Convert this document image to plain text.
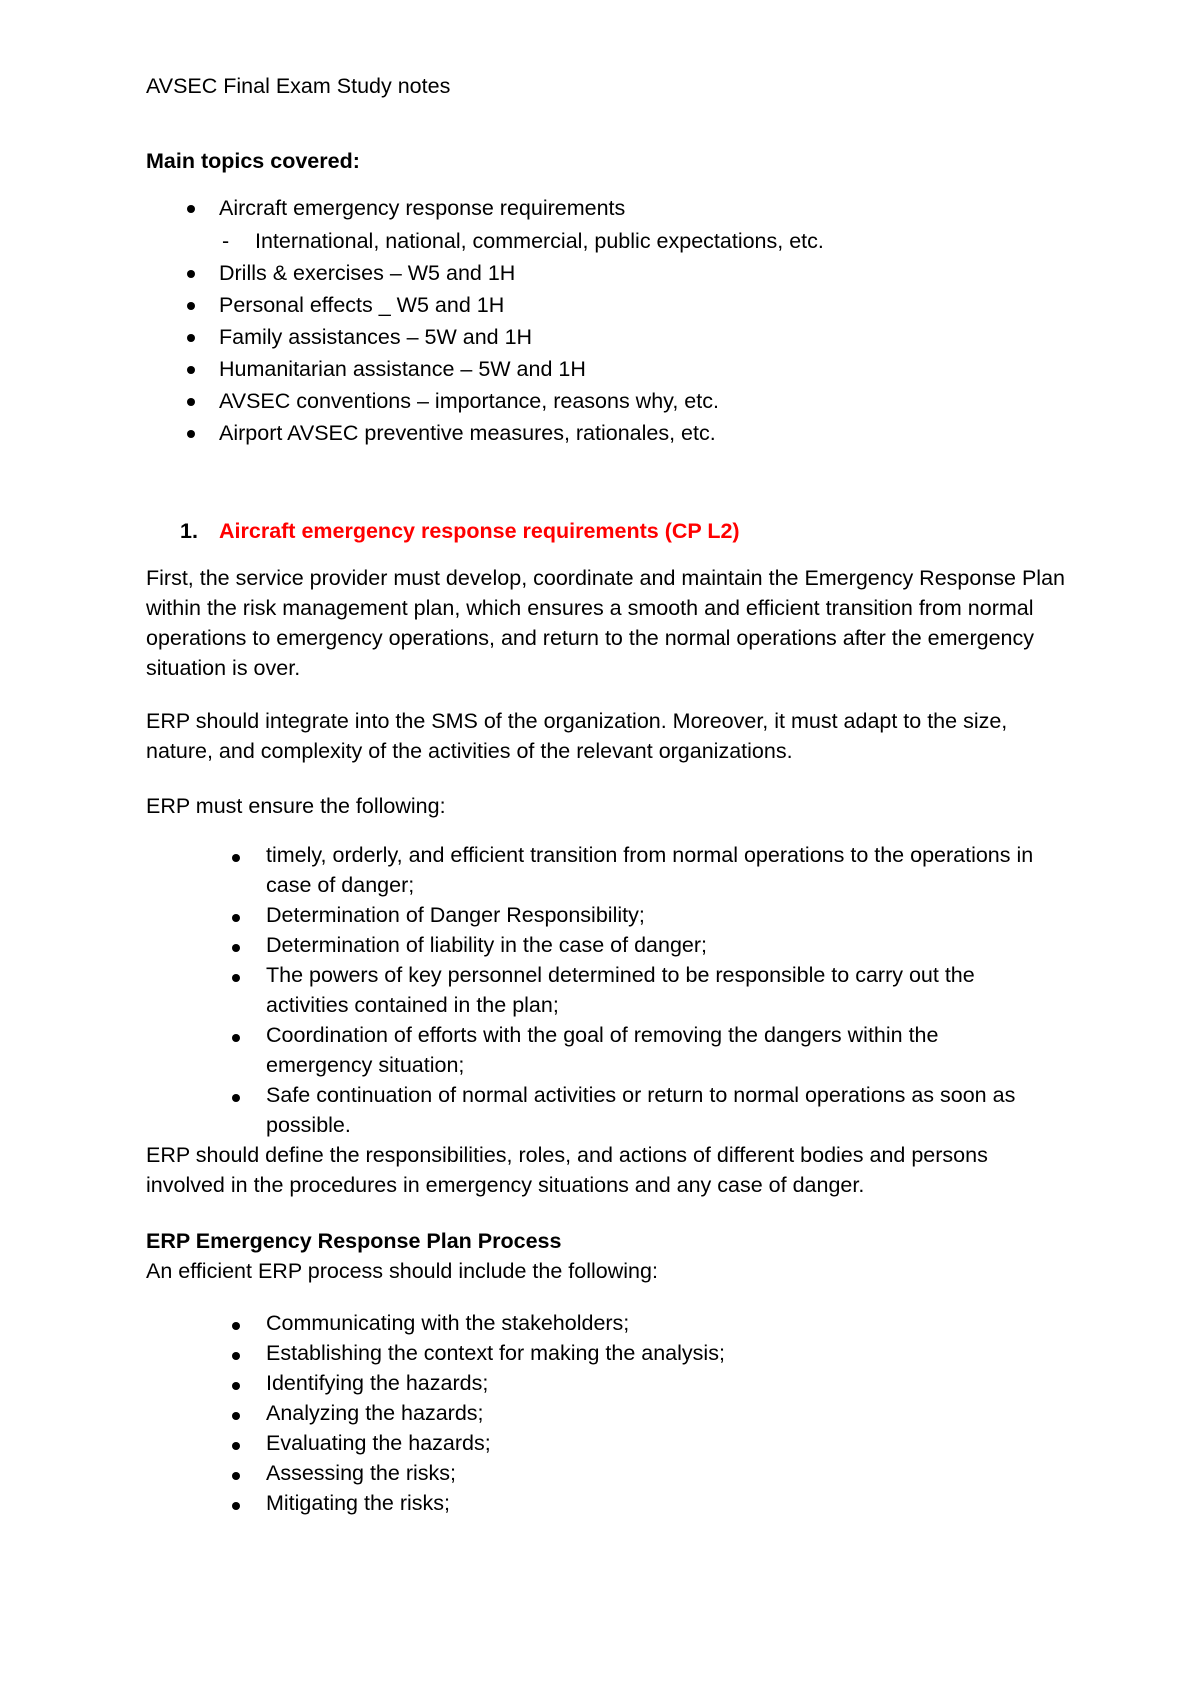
AVSEC Final Exam Study notes
Main topics covered:
Aircraft emergency response requirements
- International, national, commercial, public expectations, etc.
Drills & exercises – W5 and 1H
Personal effects _ W5 and 1H
Family assistances – 5W and 1H
Humanitarian assistance – 5W and 1H
AVSEC conventions – importance, reasons why, etc.
Airport AVSEC preventive measures, rationales, etc.
1. Aircraft emergency response requirements (CP L2)
First, the service provider must develop, coordinate and maintain the Emergency Response Plan within the risk management plan, which ensures a smooth and efficient transition from normal operations to emergency operations, and return to the normal operations after the emergency situation is over.
ERP should integrate into the SMS of the organization. Moreover, it must adapt to the size, nature, and complexity of the activities of the relevant organizations.
ERP must ensure the following:
timely, orderly, and efficient transition from normal operations to the operations in case of danger;
Determination of Danger Responsibility;
Determination of liability in the case of danger;
The powers of key personnel determined to be responsible to carry out the activities contained in the plan;
Coordination of efforts with the goal of removing the dangers within the emergency situation;
Safe continuation of normal activities or return to normal operations as soon as possible.
ERP should define the responsibilities, roles, and actions of different bodies and persons involved in the procedures in emergency situations and any case of danger.
ERP Emergency Response Plan Process
An efficient ERP process should include the following:
Communicating with the stakeholders;
Establishing the context for making the analysis;
Identifying the hazards;
Analyzing the hazards;
Evaluating the hazards;
Assessing the risks;
Mitigating the risks;
